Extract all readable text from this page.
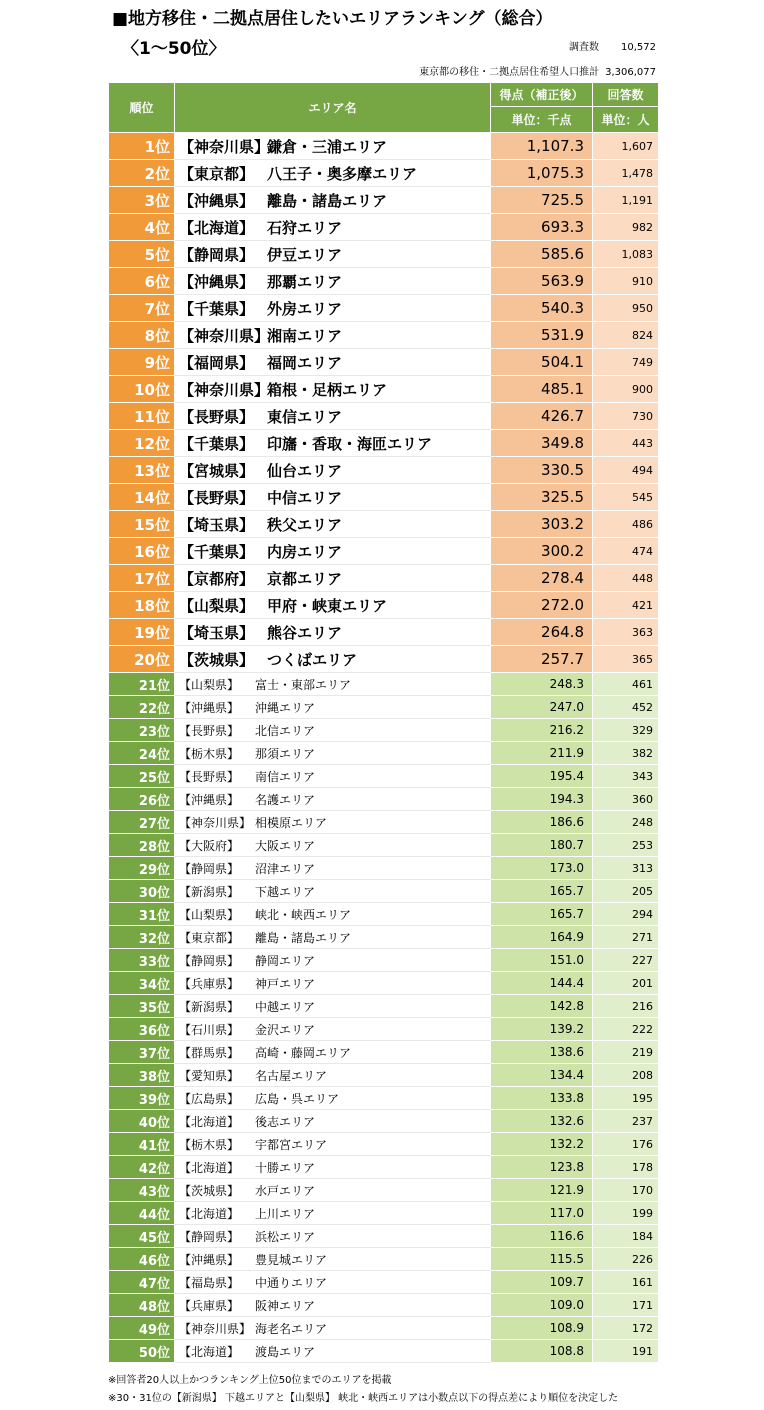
■地方移住・二拠点居住したいエリアランキング（総合）
〈1〜50位〉	調査数 10,572
東京都の移住・二拠点居住希望人口推計 3,306,077
順位	エリア名	得点（補正後）	回答数
		単位：千点	単位：人
1位	【神奈川県】鎌倉・三浦エリア	1,107.3	1,607
2位	【東京都】 八王子・奥多摩エリア	1,075.3	1,478
3位	【沖縄県】 離島・諸島エリア	725.5	1,191
4位	【北海道】 石狩エリア	693.3	982
5位	【静岡県】 伊豆エリア	585.6	1,083
6位	【沖縄県】 那覇エリア	563.9	910
7位	【千葉県】 外房エリア	540.3	950
8位	【神奈川県】湘南エリア	531.9	824
9位	【福岡県】 福岡エリア	504.1	749
10位	【神奈川県】箱根・足柄エリア	485.1	900
11位	【長野県】 東信エリア	426.7	730
12位	【千葉県】 印旛・香取・海匝エリア	349.8	443
13位	【宮城県】 仙台エリア	330.5	494
14位	【長野県】 中信エリア	325.5	545
15位	【埼玉県】 秩父エリア	303.2	486
16位	【千葉県】 内房エリア	300.2	474
17位	【京都府】 京都エリア	278.4	448
18位	【山梨県】 甲府・峡東エリア	272.0	421
19位	【埼玉県】 熊谷エリア	264.8	363
20位	【茨城県】 つくばエリア	257.7	365
21位	【山梨県】 富士・東部エリア	248.3	461
22位	【沖縄県】 沖縄エリア	247.0	452
23位	【長野県】 北信エリア	216.2	329
24位	【栃木県】 那須エリア	211.9	382
25位	【長野県】 南信エリア	195.4	343
26位	【沖縄県】 名護エリア	194.3	360
27位	【神奈川県】 相模原エリア	186.6	248
28位	【大阪府】 大阪エリア	180.7	253
29位	【静岡県】 沼津エリア	173.0	313
30位	【新潟県】 下越エリア	165.7	205
31位	【山梨県】 峡北・峡西エリア	165.7	294
32位	【東京都】 離島・諸島エリア	164.9	271
33位	【静岡県】 静岡エリア	151.0	227
34位	【兵庫県】 神戸エリア	144.4	201
35位	【新潟県】 中越エリア	142.8	216
36位	【石川県】 金沢エリア	139.2	222
37位	【群馬県】 高崎・藤岡エリア	138.6	219
38位	【愛知県】 名古屋エリア	134.4	208
39位	【広島県】 広島・呉エリア	133.8	195
40位	【北海道】 後志エリア	132.6	237
41位	【栃木県】 宇都宮エリア	132.2	176
42位	【北海道】 十勝エリア	123.8	178
43位	【茨城県】 水戸エリア	121.9	170
44位	【北海道】 上川エリア	117.0	199
45位	【静岡県】 浜松エリア	116.6	184
46位	【沖縄県】 豊見城エリア	115.5	226
47位	【福島県】 中通りエリア	109.7	161
48位	【兵庫県】 阪神エリア	109.0	171
49位	【神奈川県】 海老名エリア	108.9	172
50位	【北海道】 渡島エリア	108.8	191
※回答者20人以上かつランキング上位50位までのエリアを掲載
※30・31位の【新潟県】 下越エリアと【山梨県】 峡北・峡西エリアは小数点以下の得点差により順位を決定した
